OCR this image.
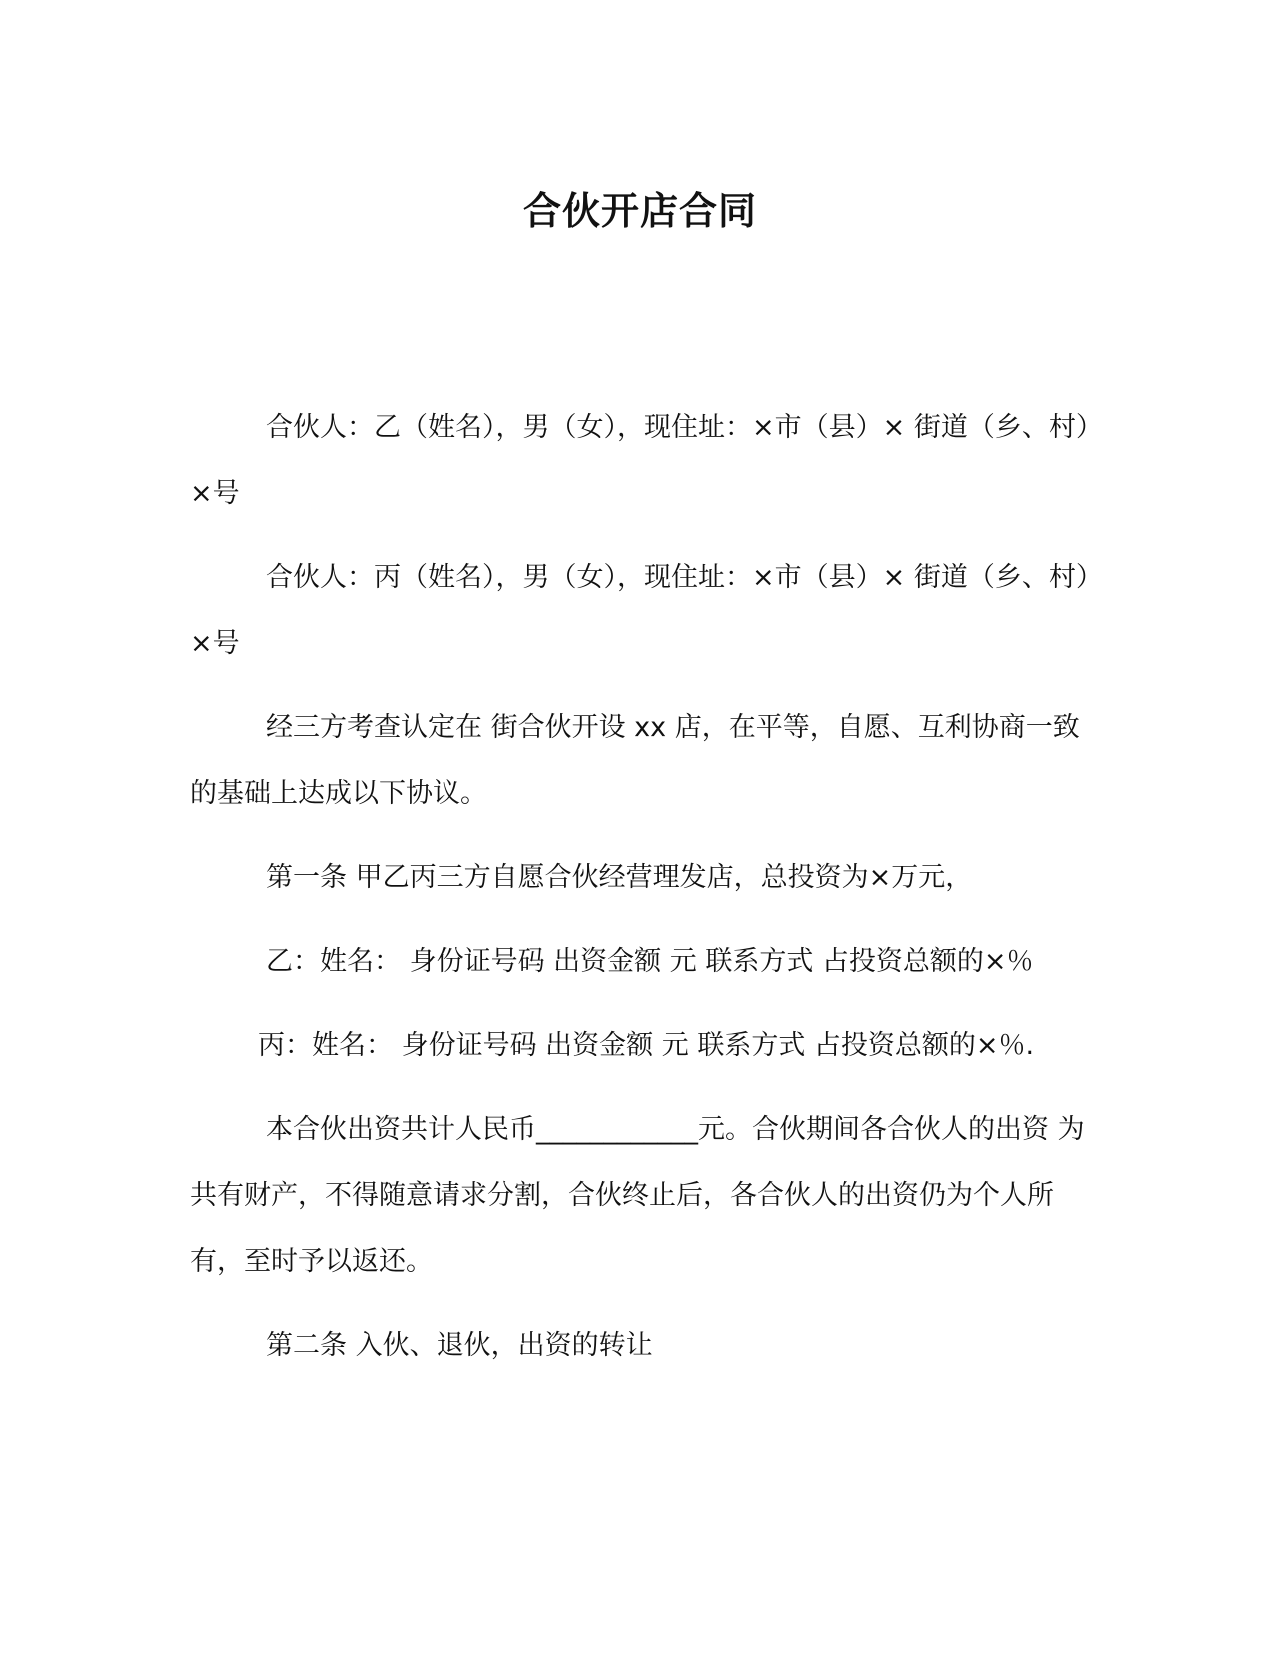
合伙开店合同

合伙人：乙（姓名），男（女），现住址：×市（县）× 街道（乡、村）×号

合伙人：丙（姓名），男（女），现住址：×市（县）× 街道（乡、村）×号

经三方考查认定在 街合伙开设 xx 店，在平等，自愿、互利协商一致的基础上达成以下协议。

第一条 甲乙丙三方自愿合伙经营理发店，总投资为×万元，

乙：姓名： 身份证号码 出资金额 元 联系方式 占投资总额的×％

丙：姓名： 身份证号码 出资金额 元 联系方式 占投资总额的×％.

本合伙出资共计人民币____________元。合伙期间各合伙人的出资 为共有财产，不得随意请求分割，合伙终止后，各合伙人的出资仍为个人所有，至时予以返还。

第二条 入伙、退伙，出资的转让
